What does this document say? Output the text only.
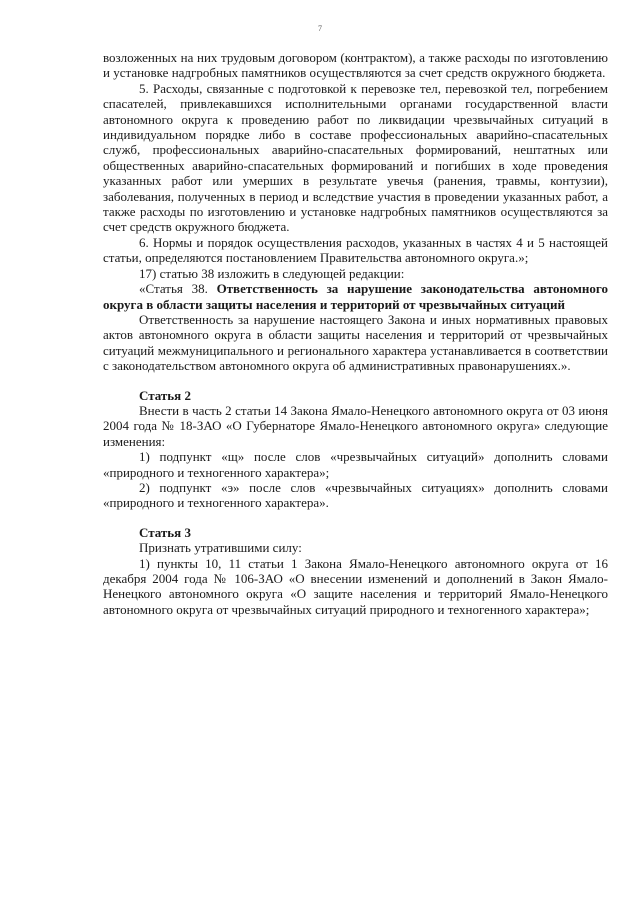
7

возложенных на них трудовым договором (контрактом), а также расходы по изготовлению и установке надгробных памятников осуществляются за счет средств окружного бюджета.

5. Расходы, связанные с подготовкой к перевозке тел, перевозкой тел, погребением спасателей, привлекавшихся исполнительными органами государственной власти автономного округа к проведению работ по ликвидации чрезвычайных ситуаций в индивидуальном порядке либо в составе профессиональных аварийно-спасательных служб, профессиональных аварийно-спасательных формирований, нештатных или общественных аварийно-спасательных формирований и погибших в ходе проведения указанных работ или умерших в результате увечья (ранения, травмы, контузии), заболевания, полученных в период и вследствие участия в проведении указанных работ, а также расходы по изготовлению и установке надгробных памятников осуществляются за счет средств окружного бюджета.

6. Нормы и порядок осуществления расходов, указанных в частях 4 и 5 настоящей статьи, определяются постановлением Правительства автономного округа.»;

17) статью 38 изложить в следующей редакции:

«Статья 38. Ответственность за нарушение законодательства автономного округа в области защиты населения и территорий от чрезвычайных ситуаций

Ответственность за нарушение настоящего Закона и иных нормативных правовых актов автономного округа в области защиты населения и территорий от чрезвычайных ситуаций межмуниципального и регионального характера устанавливается в соответствии с законодательством автономного округа об административных правонарушениях.».

Статья 2

Внести в часть 2 статьи 14 Закона Ямало-Ненецкого автономного округа от 03 июня 2004 года № 18-ЗАО «О Губернаторе Ямало-Ненецкого автономного округа» следующие изменения:

1) подпункт «щ» после слов «чрезвычайных ситуаций» дополнить словами «природного и техногенного характера»;

2) подпункт «э» после слов «чрезвычайных ситуациях» дополнить словами «природного и техногенного характера».

Статья 3

Признать утратившими силу:

1) пункты 10, 11 статьи 1 Закона Ямало-Ненецкого автономного округа от 16 декабря 2004 года № 106-ЗАО «О внесении изменений и дополнений в Закон Ямало-Ненецкого автономного округа «О защите населения и территорий Ямало-Ненецкого автономного округа от чрезвычайных ситуаций природного и техногенного характера»;
